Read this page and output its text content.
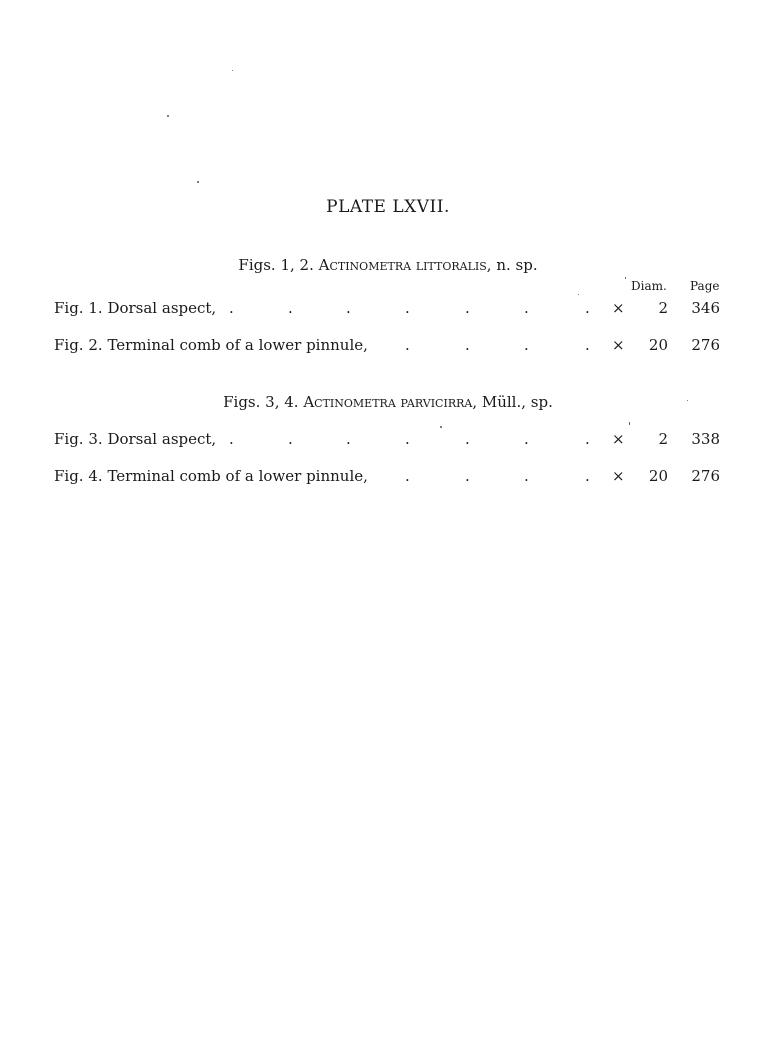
PLATE LXVII.
Figs. 1, 2. Actinometra littoralis, n. sp.
Diam. Page
Fig. 1. Dorsal aspect, .	.	.	.	.	.	. ×	2	346
Fig. 2. Terminal comb of a lower pinnule, .	.	.	. ×	20	276
Figs. 3, 4. Actinometra parvicirra, Müll., sp.
Fig. 3. Dorsal aspect, .	.	.	.	.	.	. ×	2	338
Fig. 4. Terminal comb of a lower pinnule, .	.	.	. ×	20	276
